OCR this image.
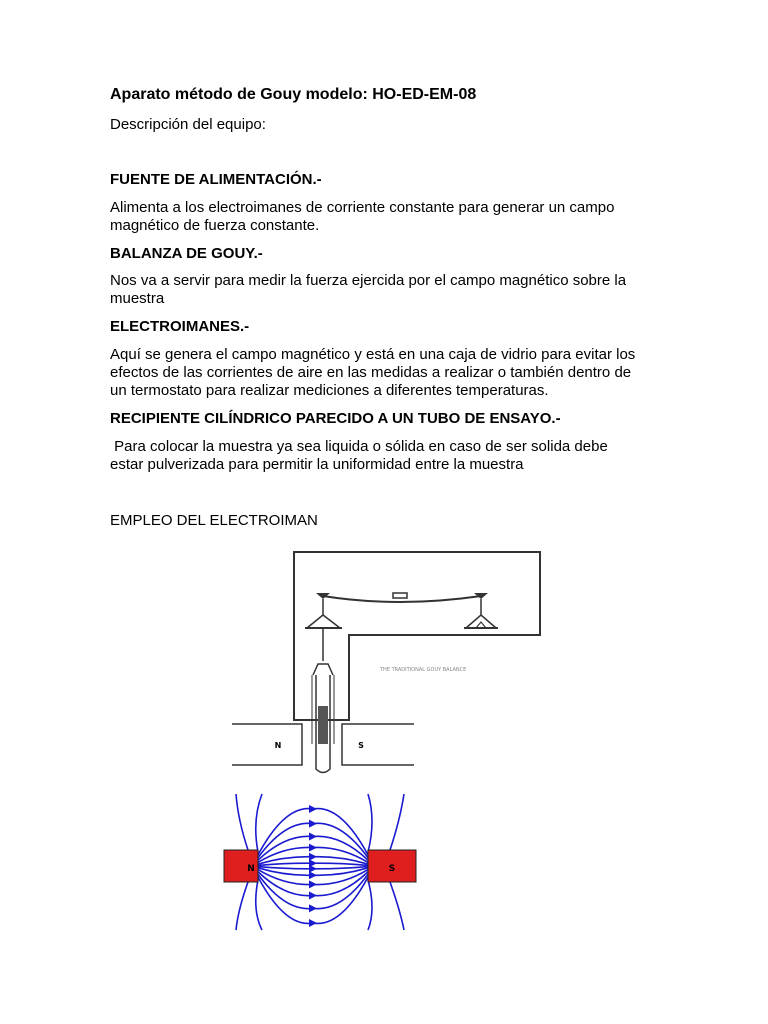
Aparato método de Gouy modelo: HO-ED-EM-08

Descripción del equipo:

FUENTE DE ALIMENTACIÓN.-

Alimenta a los electroimanes de corriente constante para generar un campo

magnético de fuerza constante.

BALANZA DE GOUY.-

Nos va a servir para medir la fuerza ejercida por el campo magnético sobre la

muestra

ELECTROIMANES.-

Aquí se genera el campo magnético y está en una caja de vidrio para evitar los

efectos de las corrientes de aire en las medidas a realizar o también dentro de

un termostato para realizar mediciones a diferentes temperaturas.

RECIPIENTE CILÍNDRICO PARECIDO A UN TUBO DE ENSAYO.-

Para colocar la muestra ya sea liquida o sólida en caso de ser solida debe

estar pulverizada para permitir la uniformidad entre la muestra

EMPLEO DEL ELECTROIMAN

THE TRADITIONAL GOUY BALANCE
N	S
N	S
